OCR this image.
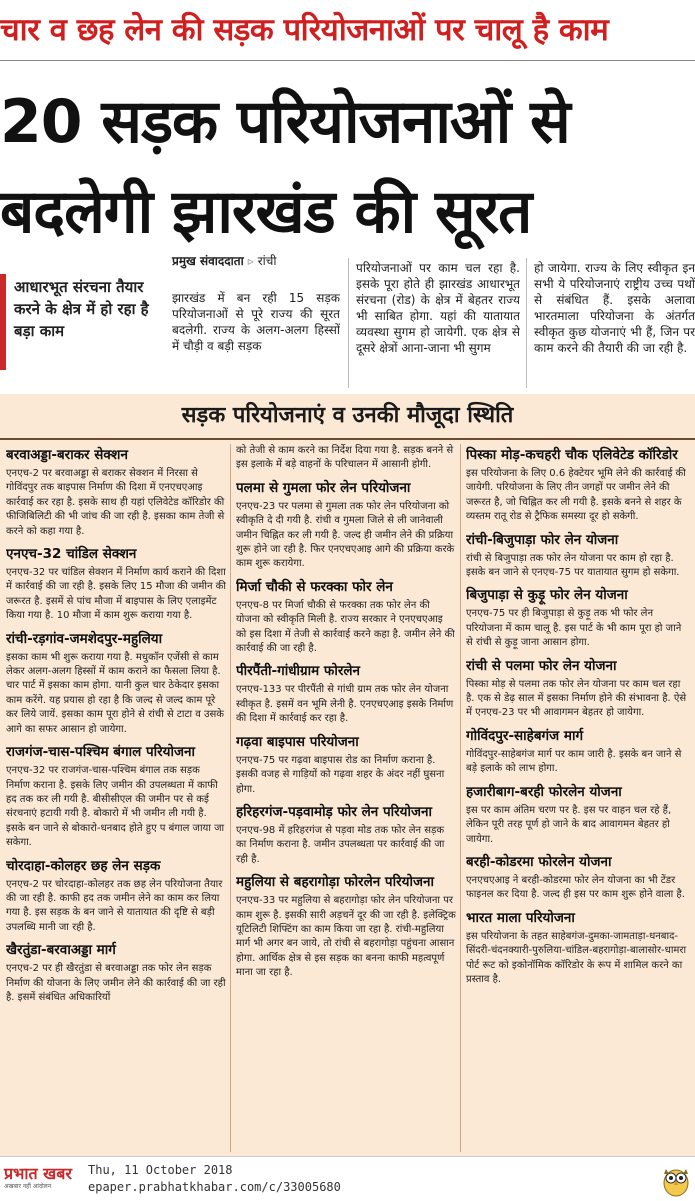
चार व छह लेन की सड़क परियोजनाओं पर चालू है काम
20 सड़क परियोजनाओं से
बदलेगी झारखंड की सूरत
आधारभूत संरचना तैयार करने के क्षेत्र में हो रहा है बड़ा काम
प्रमुख संवाददाता ▹ रांची
झारखंड में बन रही 15 सड़क परियोजनाओं से पूरे राज्य की सूरत बदलेगी. राज्य के अलग-अलग हिस्सों में चौड़ी व बड़ी सड़क
परियोजनाओं पर काम चल रहा है. इसके पूरा होते ही झारखंड आधारभूत संरचना (रोड) के क्षेत्र में बेहतर राज्य भी साबित होगा. यहां की यातायात व्यवस्था सुगम हो जायेगी. एक क्षेत्र से दूसरे क्षेत्रों आना-जाना भी सुगम
हो जायेगा. राज्य के लिए स्वीकृत इन सभी ये परियोजनाएं राष्ट्रीय उच्च पथों से संबंधित हैं. इसके अलावा भारतमाला परियोजना के अंतर्गत स्वीकृत कुछ योजनाएं भी हैं, जिन पर काम करने की तैयारी की जा रही है.
सड़क परियोजनाएं व उनकी मौजूदा स्थिति
बरवाअड्डा-बराकर सेक्शन
एनएच-2 पर बरवाअड्डा से बराकर सेक्शन में निरसा से गोविंदपुर तक बाइपास निर्माण की दिशा में एनएचएआइ कार्रवाई कर रहा है. इसके साथ ही यहां एलिवेटेड कॉरिडोर की फीजिबिलिटी की भी जांच की जा रही है. इसका काम तेजी से करने को कहा गया है.
एनएच-32 चांडिल सेक्शन
एनएच-32 पर चांडिल सेक्शन में निर्माण कार्य कराने की दिशा में कार्रवाई की जा रही है. इसके लिए 15 मौजा की जमीन की जरूरत है. इसमें से पांच मौजा में बाइपास के लिए एलाइमेंट किया गया है. 10 मौजा में काम शुरू कराया गया है.
रांची-रड़गांव-जमशेदपुर-महुलिया
इसका काम भी शुरू कराया गया है. मधुकॉन एजेंसी से काम लेकर अलग-अलग हिस्सों में काम कराने का फैसला लिया है. चार पार्ट में इसका काम होगा. यानी कुल चार ठेकेदार इसका काम करेंगे. यह प्रयास हो रहा है कि जल्द से जल्द काम पूरे कर लिये जायें. इसका काम पूरा होने से रांची से टाटा व उसके आगे का सफर आसान हो जायेगा.
राजगंज-चास-पश्चिम बंगाल परियोजना
एनएच-32 पर राजगंज-चास-पश्चिम बंगाल तक सड़क निर्माण कराना है. इसके लिए जमीन की उपलब्धता में काफी हद तक कर ली गयी है. बीसीसीएल की जमीन पर से कई संरचनाएं हटायी गयी है. बोकारो में भी जमीन ली गयी है. इसके बन जाने से बोकारो-धनबाद होते हुए प बंगाल जाया जा सकेगा.
चोरदाहा-कोलहर छह लेन सड़क
एनएच-2 पर चोरदाहा-कोलहर तक छह लेन परियोजना तैयार की जा रही है. काफी हद तक जमीन लेने का काम कर लिया गया है. इस सड़क के बन जाने से यातायात की दृष्टि से बड़ी उपलब्धि मानी जा रही है.
खैरतुंडा-बरवाअड्डा मार्ग
एनएच-2 पर ही खैरतुंडा से बरवाअड्डा तक फोर लेन सड़क निर्माण की योजना के लिए जमीन लेने की कार्रवाई की जा रही है. इसमें संबंधित अधिकारियों
को तेजी से काम करने का निर्देश दिया गया है. सड़क बनने से इस इलाके में बड़े वाहनों के परिचालन में आसानी होगी.
पलमा से गुमला फोर लेन परियोजना
एनएच-23 पर पलमा से गुमला तक फोर लेन परियोजना को स्वीकृति दे दी गयी है. रांची व गुमला जिले से ली जानेवाली जमीन चिह्नित कर ली गयी है. जल्द ही जमीन लेने की प्रक्रिया शुरू होने जा रही है. फिर एनएचएआइ आगे की प्रक्रिया करके काम शुरू करायेगा.
मिर्जा चौकी से फरक्का फोर लेन
एनएच-8 पर मिर्जा चौकी से फरक्का तक फोर लेन की योजना को स्वीकृति मिली है. राज्य सरकार ने एनएचएआइ को इस दिशा में तेजी से कार्रवाई करने कहा है. जमीन लेने की कार्रवाई की जा रही है.
पीरपैंती-गांधीग्राम फोरलेन
एनएच-133 पर पीरपैंती से गांधी ग्राम तक फोर लेन योजना स्वीकृत है. इसमें वन भूमि लेनी है. एनएचएआइ इसके निर्माण की दिशा में कार्रवाई कर रहा है.
गढ़वा बाइपास परियोजना
एनएच-75 पर गढ़वा बाइपास रोड का निर्माण कराना है. इसकी वजह से गाड़ियों को गढ़वा शहर के अंदर नहीं घुसना होगा.
हरिहरगंज-पड़वामोड़ फोर लेन परियोजना
एनएच-98 में हरिहरगंज से पड़वा मोड तक फोर लेन सड़क का निर्माण कराना है. जमीन उपलब्धता पर कार्रवाई की जा रही है.
महुलिया से बहरागोड़ा फोरलेन परियोजना
एनएच-33 पर महुलिया से बहरागोड़ा फोर लेन परियोजना पर काम शुरू है. इसकी सारी अड़चनें दूर की जा रही है. इलेक्ट्रिक यूटिलिटी शिफ्टिंग का काम किया जा रहा है. रांची-महुलिया मार्ग भी अगर बन जाये, तो रांची से बहरागोड़ा पहुंचना आसान होगा. आर्थिक क्षेत्र से इस सड़क का बनना काफी महत्वपूर्ण माना जा रहा है.
पिस्का मोड़-कचहरी चौक एलिवेटेड कॉरिडोर
इस परियोजना के लिए 0.6 हेक्टेयर भूमि लेने की कार्रवाई की जायेगी. परियोजना के लिए तीन जगहों पर जमीन लेने की जरूरत है, जो चिह्नित कर ली गयी है. इसके बनने से शहर के व्यस्तम रातू रोड से ट्रैफिक समस्या दूर हो सकेगी.
रांची-बिजुपाड़ा फोर लेन योजना
रांची से बिजुपाड़ा तक फोर लेन योजना पर काम हो रहा है. इसके बन जाने से एनएच-75 पर यातायात सुगम हो सकेगा.
बिजुपाड़ा से कुड़ू फोर लेन योजना
एनएच-75 पर ही बिजुपाड़ा से कुड़ू तक भी फोर लेन परियोजना में काम चालू है. इस पार्ट के भी काम पूरा हो जाने से रांची से कुड़ू जाना आसान होगा.
रांची से पलमा फोर लेन योजना
पिस्का मोड़ से पलमा तक फोर लेन योजना पर काम चल रहा है. एक से डेढ़ साल में इसका निर्माण होने की संभावना है. ऐसे में एनएच-23 पर भी आवागमन बेहतर हो जायेगा.
गोविंदपुर-साहेबगंज मार्ग
गोविंदपुर-साहेबगंज मार्ग पर काम जारी है. इसके बन जाने से बड़े इलाके को लाभ होगा.
हजारीबाग-बरही फोरलेन योजना
इस पर काम अंतिम चरण पर है. इस पर वाहन चल रहे हैं, लेकिन पूरी तरह पूर्ण हो जाने के बाद आवागमन बेहतर हो जायेगा.
बरही-कोडरमा फोरलेन योजना
एनएचएआइ ने बरही-कोडरमा फोर लेन योजना का भी टेंडर फाइनल कर दिया है. जल्द ही इस पर काम शुरू होने वाला है.
भारत माला परियोजना
इस परियोजना के तहत साहेबगंज-दुमका-जामताड़ा-धनबाद-सिंदरी-चंदनक्यारी-पुरुलिया-चांडिल-बहरागोड़ा-बालासोर-धामरा पोर्ट रूट को इकोनॉमिक कॉरिडोर के रूप में शामिल करने का प्रस्ताव है.
प्रभात खबर
अखबार नहीं आंदोलन
Thu, 11 October 2018
epaper.prabhatkhabar.com/c/33005680
